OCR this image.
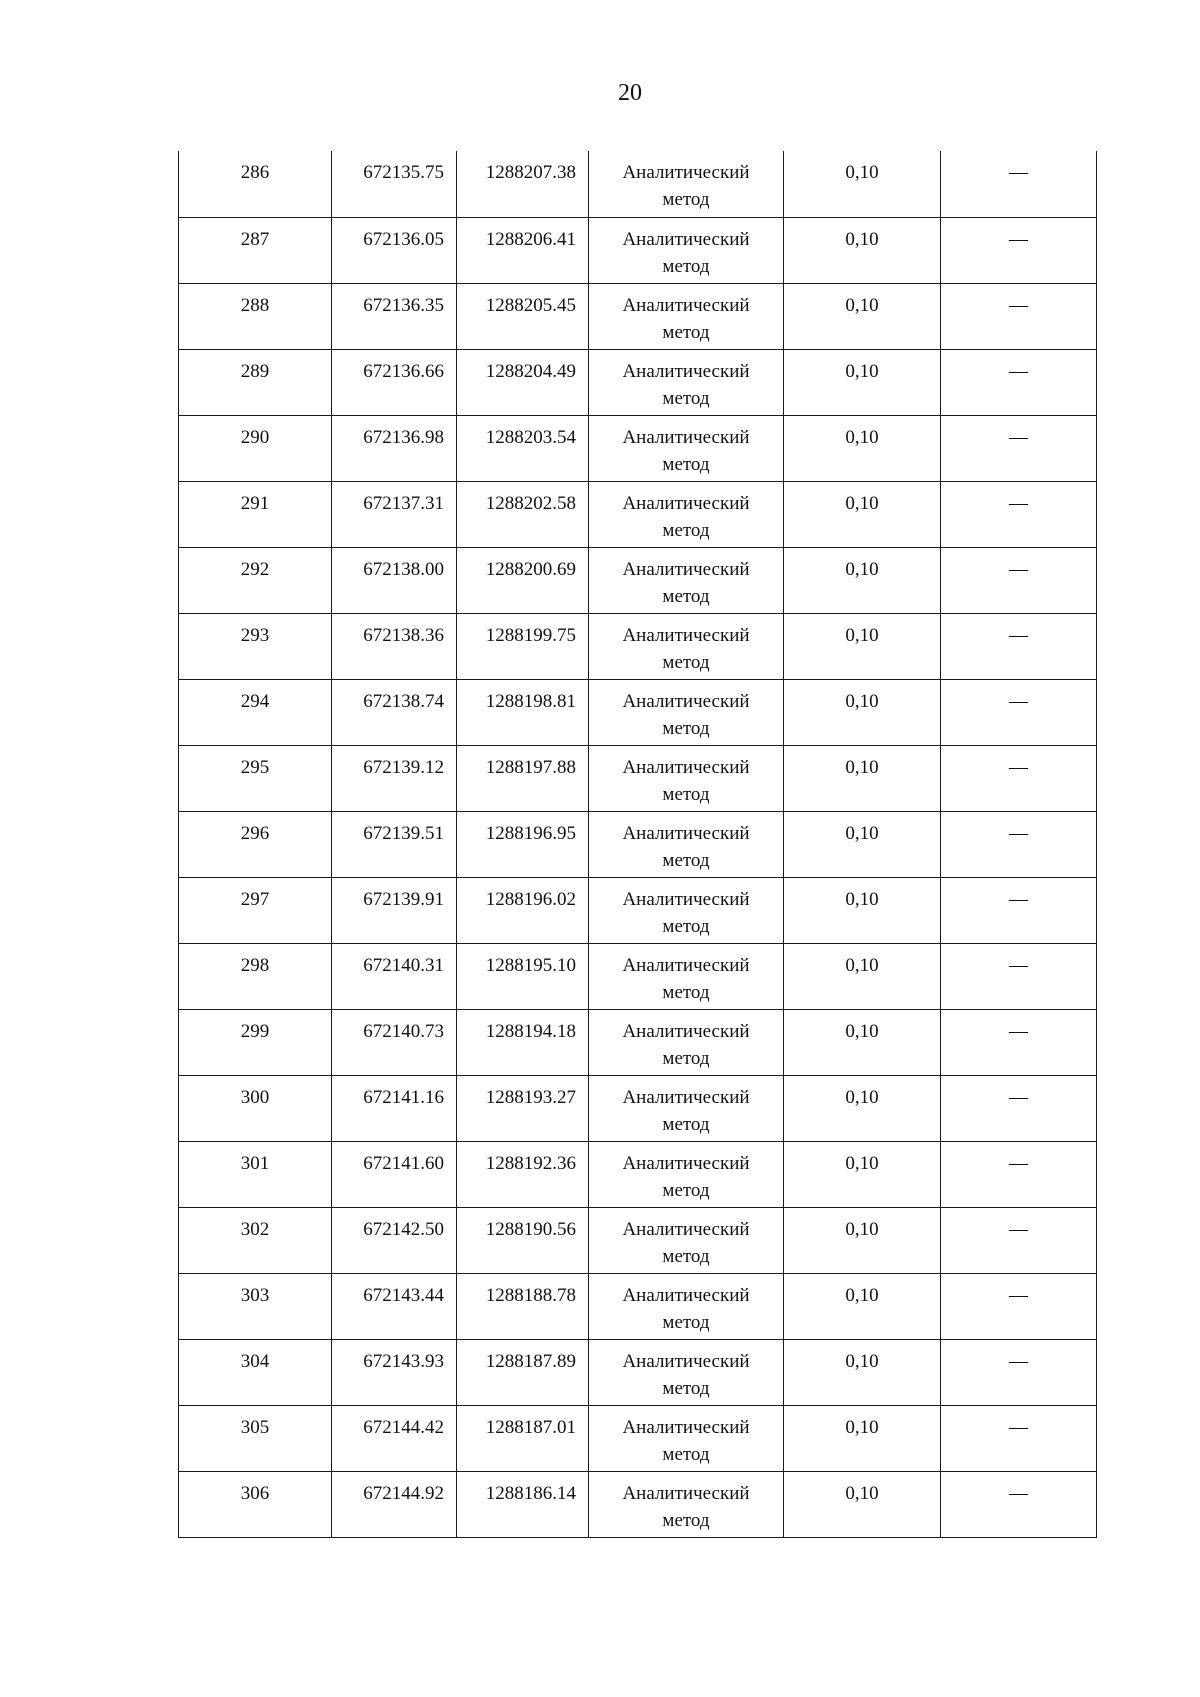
20
286	672135.75	1288207.38	Аналитический метод	0,10	—
287	672136.05	1288206.41	Аналитический метод	0,10	—
288	672136.35	1288205.45	Аналитический метод	0,10	—
289	672136.66	1288204.49	Аналитический метод	0,10	—
290	672136.98	1288203.54	Аналитический метод	0,10	—
291	672137.31	1288202.58	Аналитический метод	0,10	—
292	672138.00	1288200.69	Аналитический метод	0,10	—
293	672138.36	1288199.75	Аналитический метод	0,10	—
294	672138.74	1288198.81	Аналитический метод	0,10	—
295	672139.12	1288197.88	Аналитический метод	0,10	—
296	672139.51	1288196.95	Аналитический метод	0,10	—
297	672139.91	1288196.02	Аналитический метод	0,10	—
298	672140.31	1288195.10	Аналитический метод	0,10	—
299	672140.73	1288194.18	Аналитический метод	0,10	—
300	672141.16	1288193.27	Аналитический метод	0,10	—
301	672141.60	1288192.36	Аналитический метод	0,10	—
302	672142.50	1288190.56	Аналитический метод	0,10	—
303	672143.44	1288188.78	Аналитический метод	0,10	—
304	672143.93	1288187.89	Аналитический метод	0,10	—
305	672144.42	1288187.01	Аналитический метод	0,10	—
306	672144.92	1288186.14	Аналитический метод	0,10	—
